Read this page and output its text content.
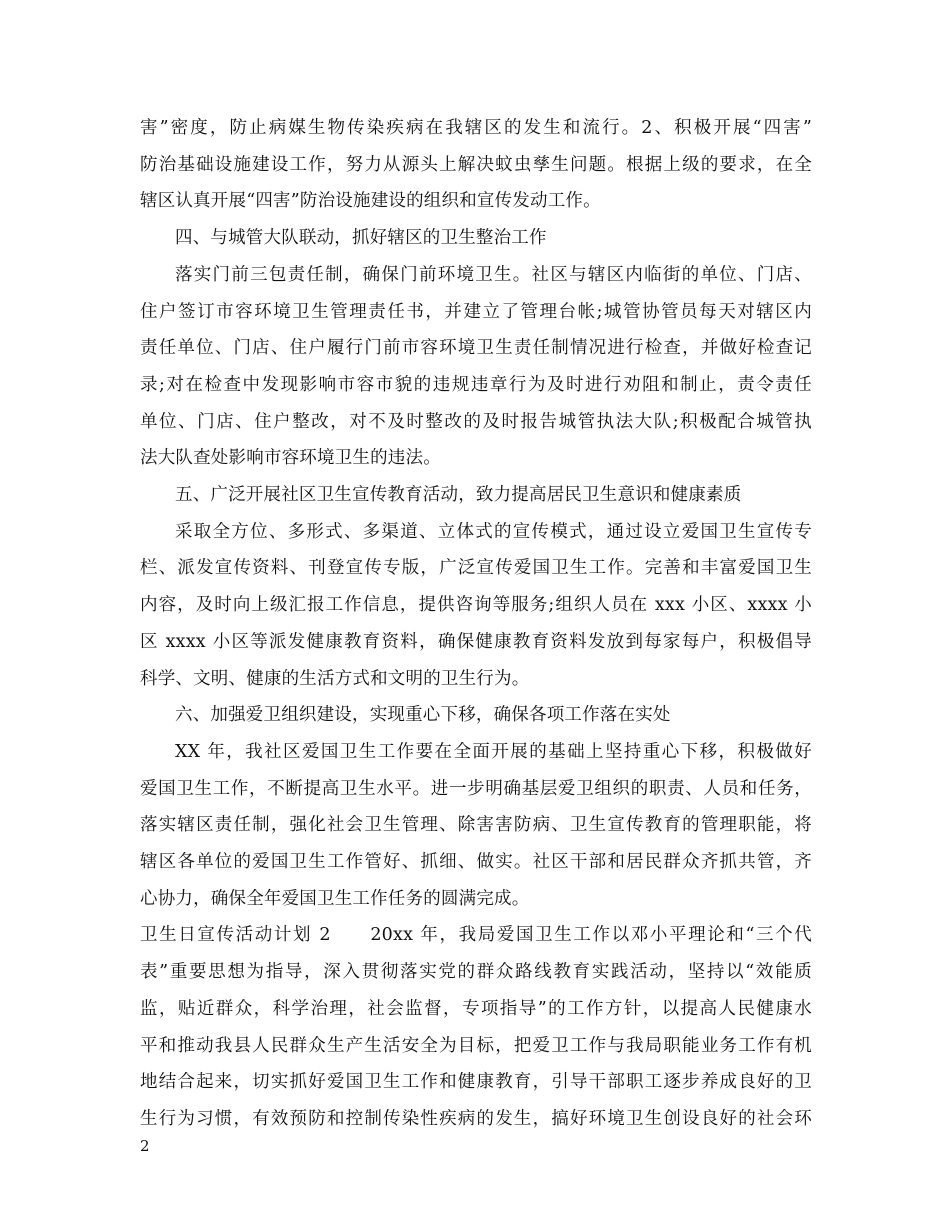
害”密度，防止病媒生物传染疾病在我辖区的发生和流行。2、积极开展“四害”
防治基础设施建设工作，努力从源头上解决蚊虫孳生问题。根据上级的要求，在全
辖区认真开展“四害”防治设施建设的组织和宣传发动工作。
四、与城管大队联动，抓好辖区的卫生整治工作
落实门前三包责任制，确保门前环境卫生。社区与辖区内临街的单位、门店、
住户签订市容环境卫生管理责任书，并建立了管理台帐;城管协管员每天对辖区内
责任单位、门店、住户履行门前市容环境卫生责任制情况进行检查，并做好检查记
录;对在检查中发现影响市容市貌的违规违章行为及时进行劝阻和制止，责令责任
单位、门店、住户整改，对不及时整改的及时报告城管执法大队;积极配合城管执
法大队查处影响市容环境卫生的违法。
五、广泛开展社区卫生宣传教育活动，致力提高居民卫生意识和健康素质
采取全方位、多形式、多渠道、立体式的宣传模式，通过设立爱国卫生宣传专
栏、派发宣传资料、刊登宣传专版，广泛宣传爱国卫生工作。完善和丰富爱国卫生
内容，及时向上级汇报工作信息，提供咨询等服务;组织人员在 xxx 小区、xxxx 小
区 xxxx 小区等派发健康教育资料，确保健康教育资料发放到每家每户，积极倡导
科学、文明、健康的生活方式和文明的卫生行为。
六、加强爱卫组织建设，实现重心下移，确保各项工作落在实处
XX 年，我社区爱国卫生工作要在全面开展的基础上坚持重心下移，积极做好
爱国卫生工作，不断提高卫生水平。进一步明确基层爱卫组织的职责、人员和任务，
落实辖区责任制，强化社会卫生管理、除害害防病、卫生宣传教育的管理职能，将
辖区各单位的爱国卫生工作管好、抓细、做实。社区干部和居民群众齐抓共管，齐
心协力，确保全年爱国卫生工作任务的圆满完成。
卫生日宣传活动计划 2　　20xx 年，我局爱国卫生工作以邓小平理论和“三个代
表”重要思想为指导，深入贯彻落实党的群众路线教育实践活动，坚持以“效能质
监，贴近群众，科学治理，社会监督，专项指导”的工作方针，以提高人民健康水
平和推动我县人民群众生产生活安全为目标，把爱卫工作与我局职能业务工作有机
地结合起来，切实抓好爱国卫生工作和健康教育，引导干部职工逐步养成良好的卫
生行为习惯，有效预防和控制传染性疾病的发生，搞好环境卫生创设良好的社会环
2
